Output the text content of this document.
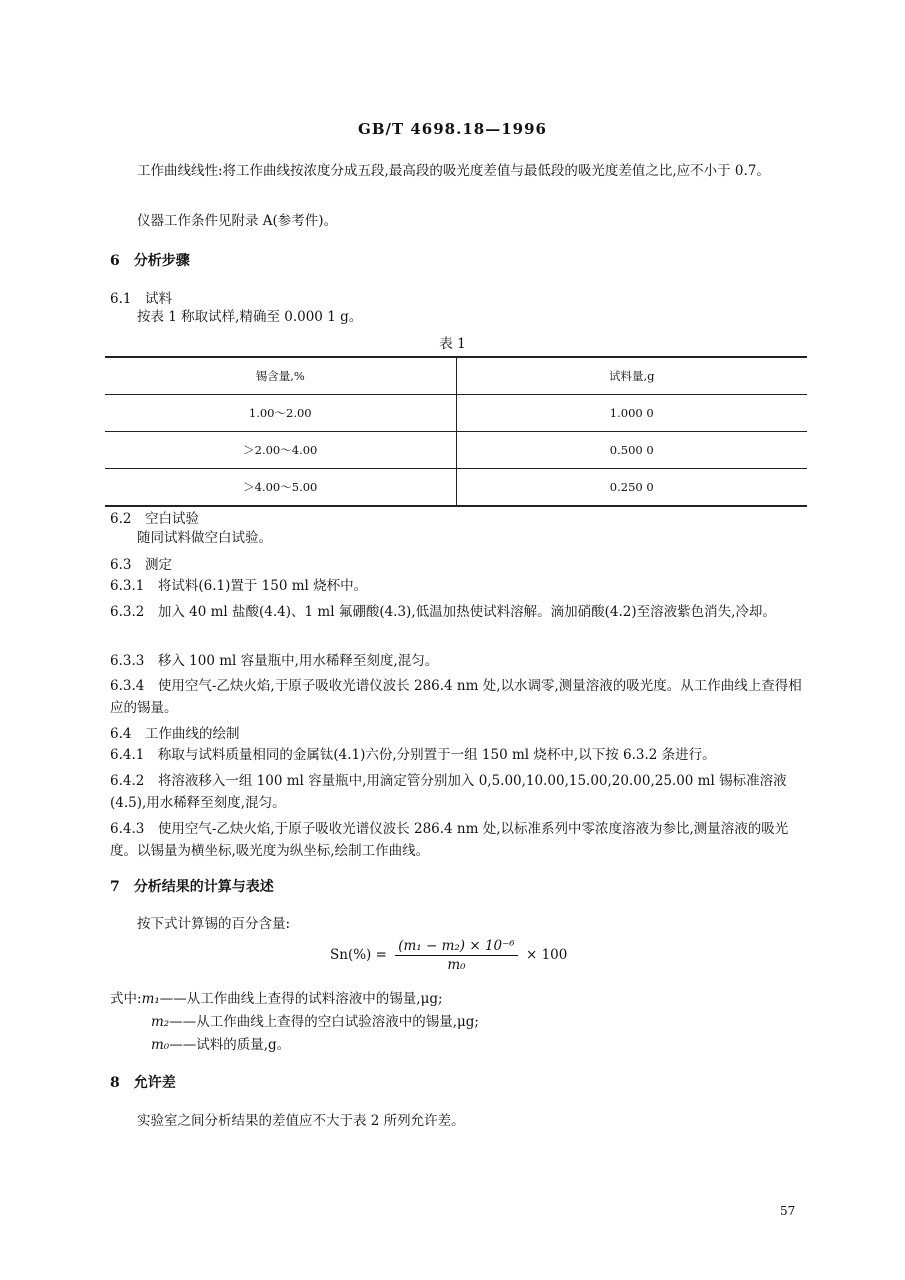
GB/T 4698.18—1996
工作曲线线性:将工作曲线按浓度分成五段,最高段的吸光度差值与最低段的吸光度差值之比,应不小于 0.7。
仪器工作条件见附录 A(参考件)。
6　分析步骤
6.1　试料
按表 1 称取试样,精确至 0.000 1 g。
表 1
锡含量,%	试料量,g
1.00～2.00	1.000 0
＞2.00～4.00	0.500 0
＞4.00～5.00	0.250 0
6.2　空白试验
随同试料做空白试验。
6.3　测定
6.3.1　将试料(6.1)置于 150 ml 烧杯中。
6.3.2　加入 40 ml 盐酸(4.4)、1 ml 氟硼酸(4.3),低温加热使试料溶解。滴加硝酸(4.2)至溶液紫色消失,冷却。
6.3.3　移入 100 ml 容量瓶中,用水稀释至刻度,混匀。
6.3.4　使用空气-乙炔火焰,于原子吸收光谱仪波长 286.4 nm 处,以水调零,测量溶液的吸光度。从工作曲线上查得相应的锡量。
6.4　工作曲线的绘制
6.4.1　称取与试料质量相同的金属钛(4.1)六份,分别置于一组 150 ml 烧杯中,以下按 6.3.2 条进行。
6.4.2　将溶液移入一组 100 ml 容量瓶中,用滴定管分别加入 0,5.00,10.00,15.00,20.00,25.00 ml 锡标准溶液(4.5),用水稀释至刻度,混匀。
6.4.3　使用空气-乙炔火焰,于原子吸收光谱仪波长 286.4 nm 处,以标准系列中零浓度溶液为参比,测量溶液的吸光度。以锡量为横坐标,吸光度为纵坐标,绘制工作曲线。
7　分析结果的计算与表述
按下式计算锡的百分含量:
$Sn(\%) = \frac{\text{(m₁ − m₂) × 10⁻⁶}}{\text{m₀}} \times 100$
式中:m₁——从工作曲线上查得的试料溶液中的锡量,μg;
m₂——从工作曲线上查得的空白试验溶液中的锡量,μg;
m₀——试料的质量,g。
8　允许差
实验室之间分析结果的差值应不大于表 2 所列允许差。
57
